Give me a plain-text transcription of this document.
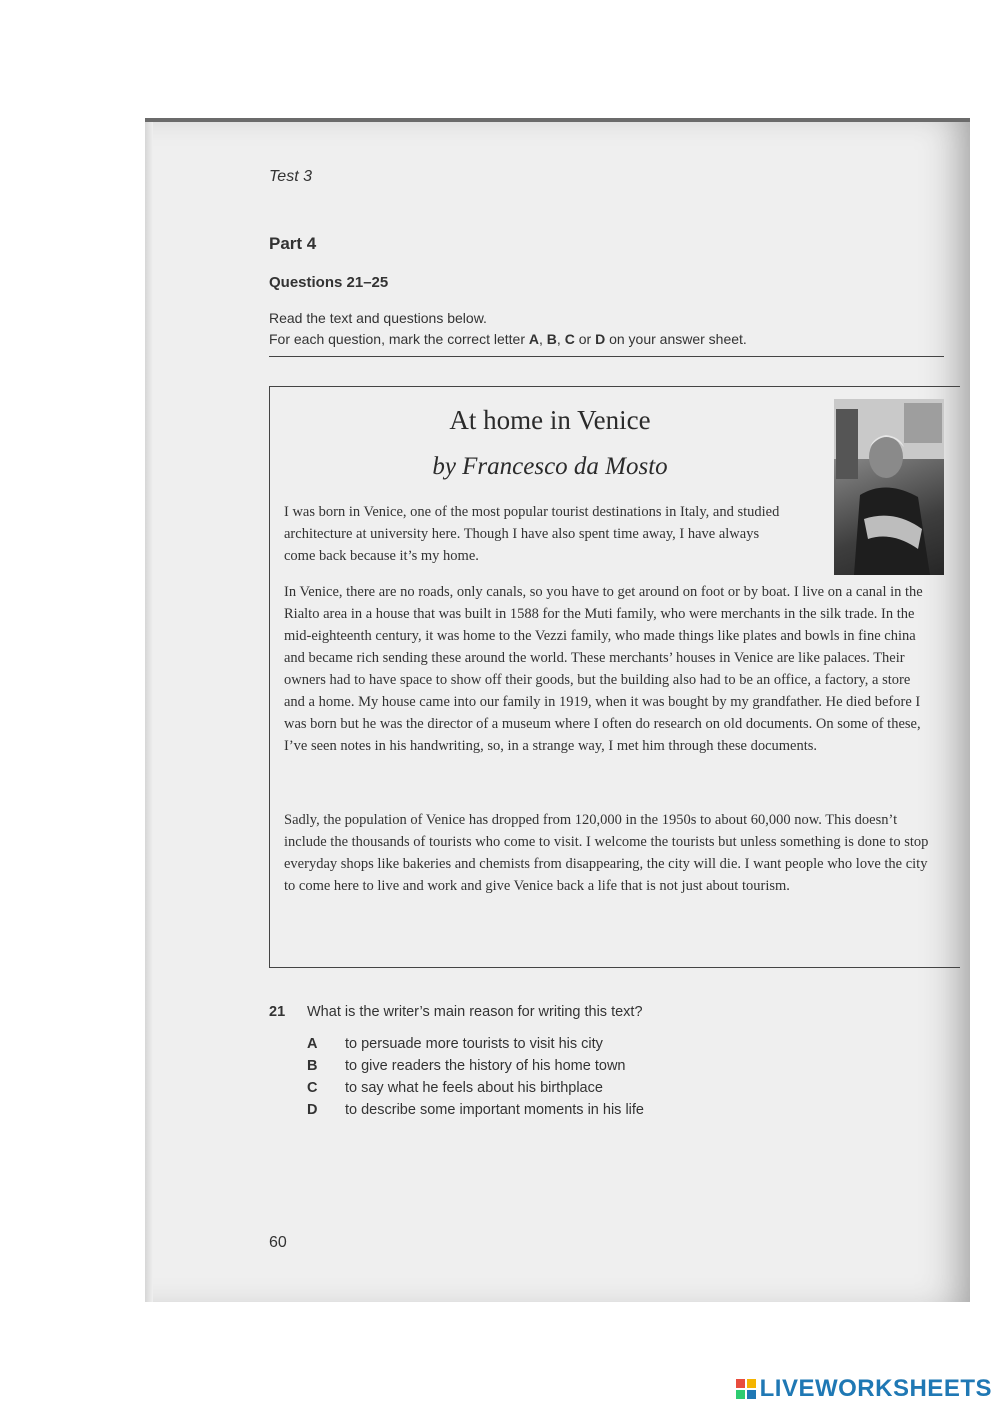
Test 3
Part 4
Questions 21–25
Read the text and questions below.
For each question, mark the correct letter A, B, C or D on your answer sheet.
At home in Venice
by Francesco da Mosto

I was born in Venice, one of the most popular tourist destinations in Italy, and studied architecture at university here. Though I have also spent time away, I have always come back because it’s my home.

In Venice, there are no roads, only canals, so you have to get around on foot or by boat. I live on a canal in the Rialto area in a house that was built in 1588 for the Muti family, who were merchants in the silk trade. In the mid-eighteenth century, it was home to the Vezzi family, who made things like plates and bowls in fine china and became rich sending these around the world. These merchants’ houses in Venice are like palaces. Their owners had to have space to show off their goods, but the building also had to be an office, a factory, a store and a home. My house came into our family in 1919, when it was bought by my grandfather. He died before I was born but he was the director of a museum where I often do research on old documents. On some of these, I’ve seen notes in his handwriting, so, in a strange way, I met him through these documents.

Sadly, the population of Venice has dropped from 120,000 in the 1950s to about 60,000 now. This doesn’t include the thousands of tourists who come to visit. I welcome the tourists but unless something is done to stop everyday shops like bakeries and chemists from disappearing, the city will die. I want people who love the city to come here to live and work and give Venice back a life that is not just about tourism.

21 What is the writer’s main reason for writing this text?
A to persuade more tourists to visit his city
B to give readers the history of his home town
C to say what he feels about his birthplace
D to describe some important moments in his life
60
LIVEWORKSHEETS
